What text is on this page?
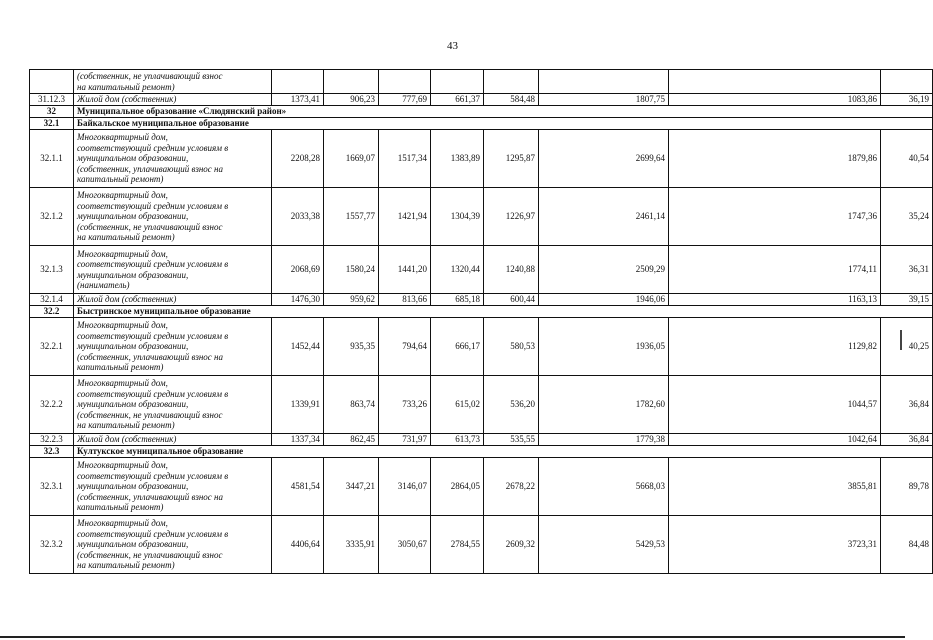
43

	(собственник, не уплачивающий взнос
на капитальный ремонт)								

31.12.3	Жилой дом (собственник)	1373,41	906,23	777,69	661,37	584,48	1807,75	1083,86	36,19
32	Муниципальное образование «Слюдянский район»								
32.1	Байкальское муниципальное образование								
32.1.1	Многоквартирный дом,
соответствующий средним условиям в
муниципальном образовании,
(собственник, уплачивающий взнос на
капитальный ремонт)	2208,28	1669,07	1517,34	1383,89	1295,87	2699,64	1879,86	40,54
32.1.2	Многоквартирный дом,
соответствующий средним условиям в
муниципальном образовании,
(собственник, не уплачивающий взнос
на капитальный ремонт)	2033,38	1557,77	1421,94	1304,39	1226,97	2461,14	1747,36	35,24
32.1.3	Многоквартирный дом,
соответствующий средним условиям в
муниципальном образовании,
(наниматель)	2068,69	1580,24	1441,20	1320,44	1240,88	2509,29	1774,11	36,31
32.1.4	Жилой дом (собственник)	1476,30	959,62	813,66	685,18	600,44	1946,06	1163,13	39,15
32.2	Быстринское муниципальное образование								
32.2.1	Многоквартирный дом,
соответствующий средним условиям в
муниципальном образовании,
(собственник, уплачивающий взнос на
капитальный ремонт)	1452,44	935,35	794,64	666,17	580,53	1936,05	1129,82	40,25
32.2.2	Многоквартирный дом,
соответствующий средним условиям в
муниципальном образовании,
(собственник, не уплачивающий взнос
на капитальный ремонт)	1339,91	863,74	733,26	615,02	536,20	1782,60	1044,57	36,84
32.2.3	Жилой дом (собственник)	1337,34	862,45	731,97	613,73	535,55	1779,38	1042,64	36,84
32.3	Култукское муниципальное образование								
32.3.1	Многоквартирный дом,
соответствующий средним условиям в
муниципальном образовании,
(собственник, уплачивающий взнос на
капитальный ремонт)	4581,54	3447,21	3146,07	2864,05	2678,22	5668,03	3855,81	89,78
32.3.2	Многоквартирный дом,
соответствующий средним условиям в
муниципальном образовании,
(собственник, не уплачивающий взнос
на капитальный ремонт)	4406,64	3335,91	3050,67	2784,55	2609,32	5429,53	3723,31	84,48
